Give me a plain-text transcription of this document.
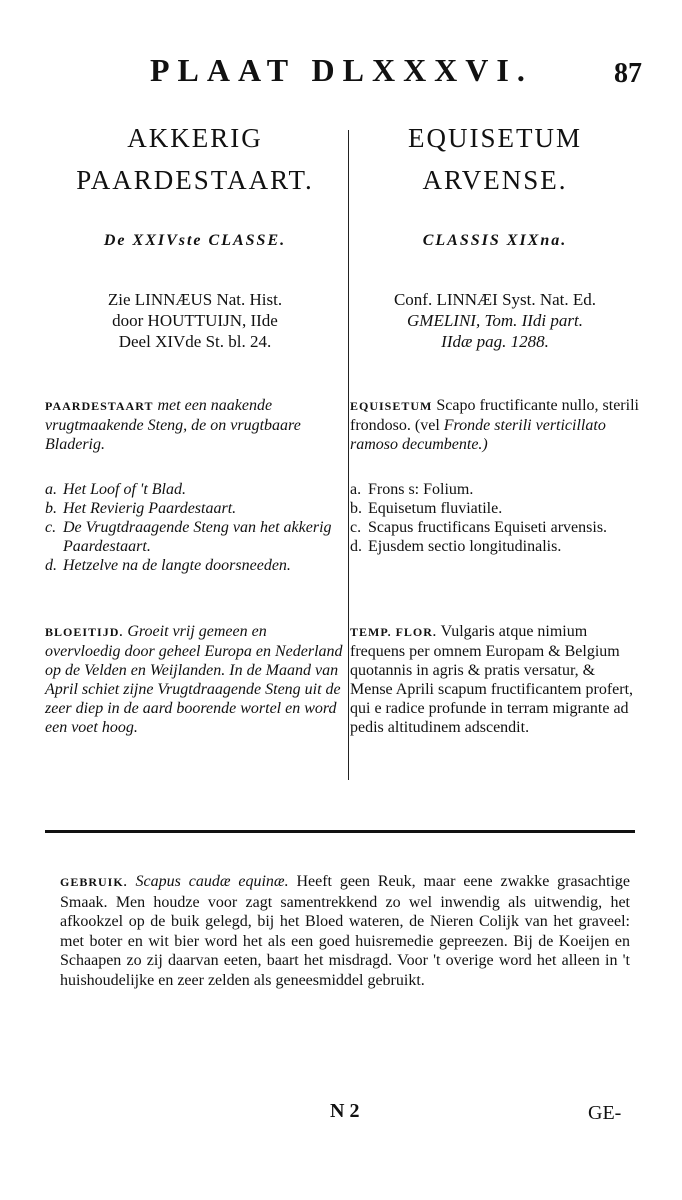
PLAAT DLXXXVI.	87
AKKERIG
PAARDESTAART.
De XXIVste CLASSE.
Zie LINNÆUS Nat. Hist.
door HOUTTUIJN, IIde
Deel XIVde St. bl. 24.
PAARDESTAART met een naakende vrugtmaakende Steng, de on vrugtbaare Bladerig.
a. Het Loof of 't Blad.
b. Het Revierig Paardestaart.
c. De Vrugtdraagende Steng van het akkerig Paardestaart.
d. Hetzelve na de langte doorsneeden.
BLOEITIJD. Groeit vrij gemeen en overvloedig door geheel Europa en Nederland op de Velden en Weijlanden. In de Maand van April schiet zijne Vrugtdraagende Steng uit de zeer diep in de aard boorende wortel en word een voet hoog.
EQUISETUM
ARVENSE.
CLASSIS XIXna.
Conf. LINNÆI Syst. Nat. Ed.
GMELINI, Tom. IIdi part.
IIdæ pag. 1288.
EQUISETUM Scapo fructificante nullo, sterili frondoso. (vel Fronde sterili verticillato ramoso decumbente.)
a. Frons s: Folium.
b. Equisetum fluviatile.
c. Scapus fructificans Equiseti arvensis.
d. Ejusdem sectio longitudinalis.
TEMP. FLOR. Vulgaris atque nimium frequens per omnem Europam & Belgium quotannis in agris & pratis versatur, & Mense Aprili scapum fructificantem profert, qui e radice profunde in terram migrante ad pedis altitudinem adscendit.
GEBRUIK. Scapus caudæ equinæ. Heeft geen Reuk, maar eene zwakke grasachtige Smaak. Men houdze voor zagt samentrekkend zo wel inwendig als uitwendig, het afkookzel op de buik gelegd, bij het Bloed wateren, de Nieren Colijk van het graveel: met boter en wit bier word het als een goed huisremedie gepreezen. Bij de Koeijen en Schaapen zo zij daarvan eeten, baart het misdragd. Voor 't overige word het alleen in 't huishoudelijke en zeer zelden als geneesmiddel gebruikt.
N 2	GE-
